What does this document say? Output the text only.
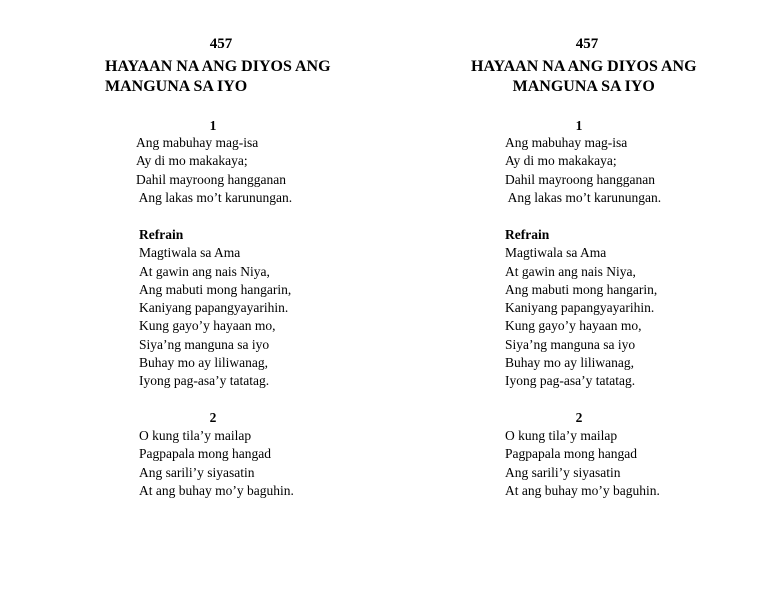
457
HAYAAN NA ANG DIYOS ANG
MANGUNA SA IYO
1
Ang mabuhay mag-isa
Ay di mo makakaya;
Dahil mayroong hangganan
Ang lakas mo’t karunungan.
Refrain
Magtiwala sa Ama
At gawin ang nais Niya,
Ang mabuti mong hangarin,
Kaniyang papangyayarihin.
Kung gayo’y hayaan mo,
Siya’ng manguna sa iyo
Buhay mo ay liliwanag,
Iyong pag-asa’y tatatag.
2
O kung tila’y mailap
Pagpapala mong hangad
Ang sarili’y siyasatin
At ang buhay mo’y baguhin.
457
HAYAAN NA ANG DIYOS ANG
MANGUNA SA IYO
1
Ang mabuhay mag-isa
Ay di mo makakaya;
Dahil mayroong hangganan
Ang lakas mo’t karunungan.
Refrain
Magtiwala sa Ama
At gawin ang nais Niya,
Ang mabuti mong hangarin,
Kaniyang papangyayarihin.
Kung gayo’y hayaan mo,
Siya’ng manguna sa iyo
Buhay mo ay liliwanag,
Iyong pag-asa’y tatatag.
2
O kung tila’y mailap
Pagpapala mong hangad
Ang sarili’y siyasatin
At ang buhay mo’y baguhin.
